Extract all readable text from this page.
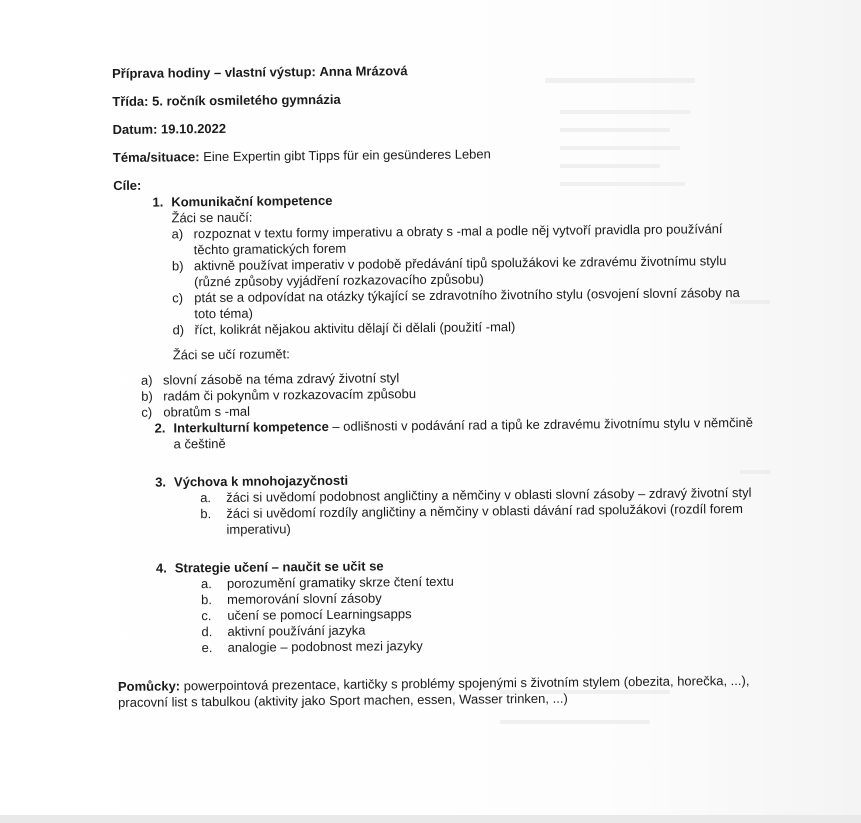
Příprava hodiny – vlastní výstup: Anna Mrázová
Třída: 5. ročník osmiletého gymnázia
Datum: 19.10.2022
Téma/situace: Eine Expertin gibt Tipps für ein gesünderes Leben
Cíle:
1. Komunikační kompetence
Žáci se naučí:
a) rozpoznat v textu formy imperativu a obraty s -mal a podle něj vytvoří pravidla pro používání těchto gramatických forem
b) aktivně používat imperativ v podobě předávání tipů spolužákovi ke zdravému životnímu stylu (různé způsoby vyjádření rozkazovacího způsobu)
c) ptát se a odpovídat na otázky týkající se zdravotního životního stylu (osvojení slovní zásoby na toto téma)
d) říct, kolikrát nějakou aktivitu dělají či dělali (použití -mal)
Žáci se učí rozumět:
a) slovní zásobě na téma zdravý životní styl
b) radám či pokynům v rozkazovacím způsobu
c) obratům s -mal
2. Interkulturní kompetence – odlišnosti v podávání rad a tipů ke zdravému životnímu stylu v němčině a češtině
3. Výchova k mnohojazyčnosti
a.	žáci si uvědomí podobnost angličtiny a němčiny v oblasti slovní zásoby – zdravý životní styl
b.	žáci si uvědomí rozdíly angličtiny a němčiny v oblasti dávání rad spolužákovi (rozdíl forem imperativu)
4. Strategie učení – naučit se učit se
a.	porozumění gramatiky skrze čtení textu
b.	memorování slovní zásoby
c.	učení se pomocí Learningsapps
d.	aktivní používání jazyka
e.	analogie – podobnost mezi jazyky
Pomůcky: powerpointová prezentace, kartičky s problémy spojenými s životním stylem (obezita, horečka, ...), pracovní list s tabulkou (aktivity jako Sport machen, essen, Wasser trinken, ...)
